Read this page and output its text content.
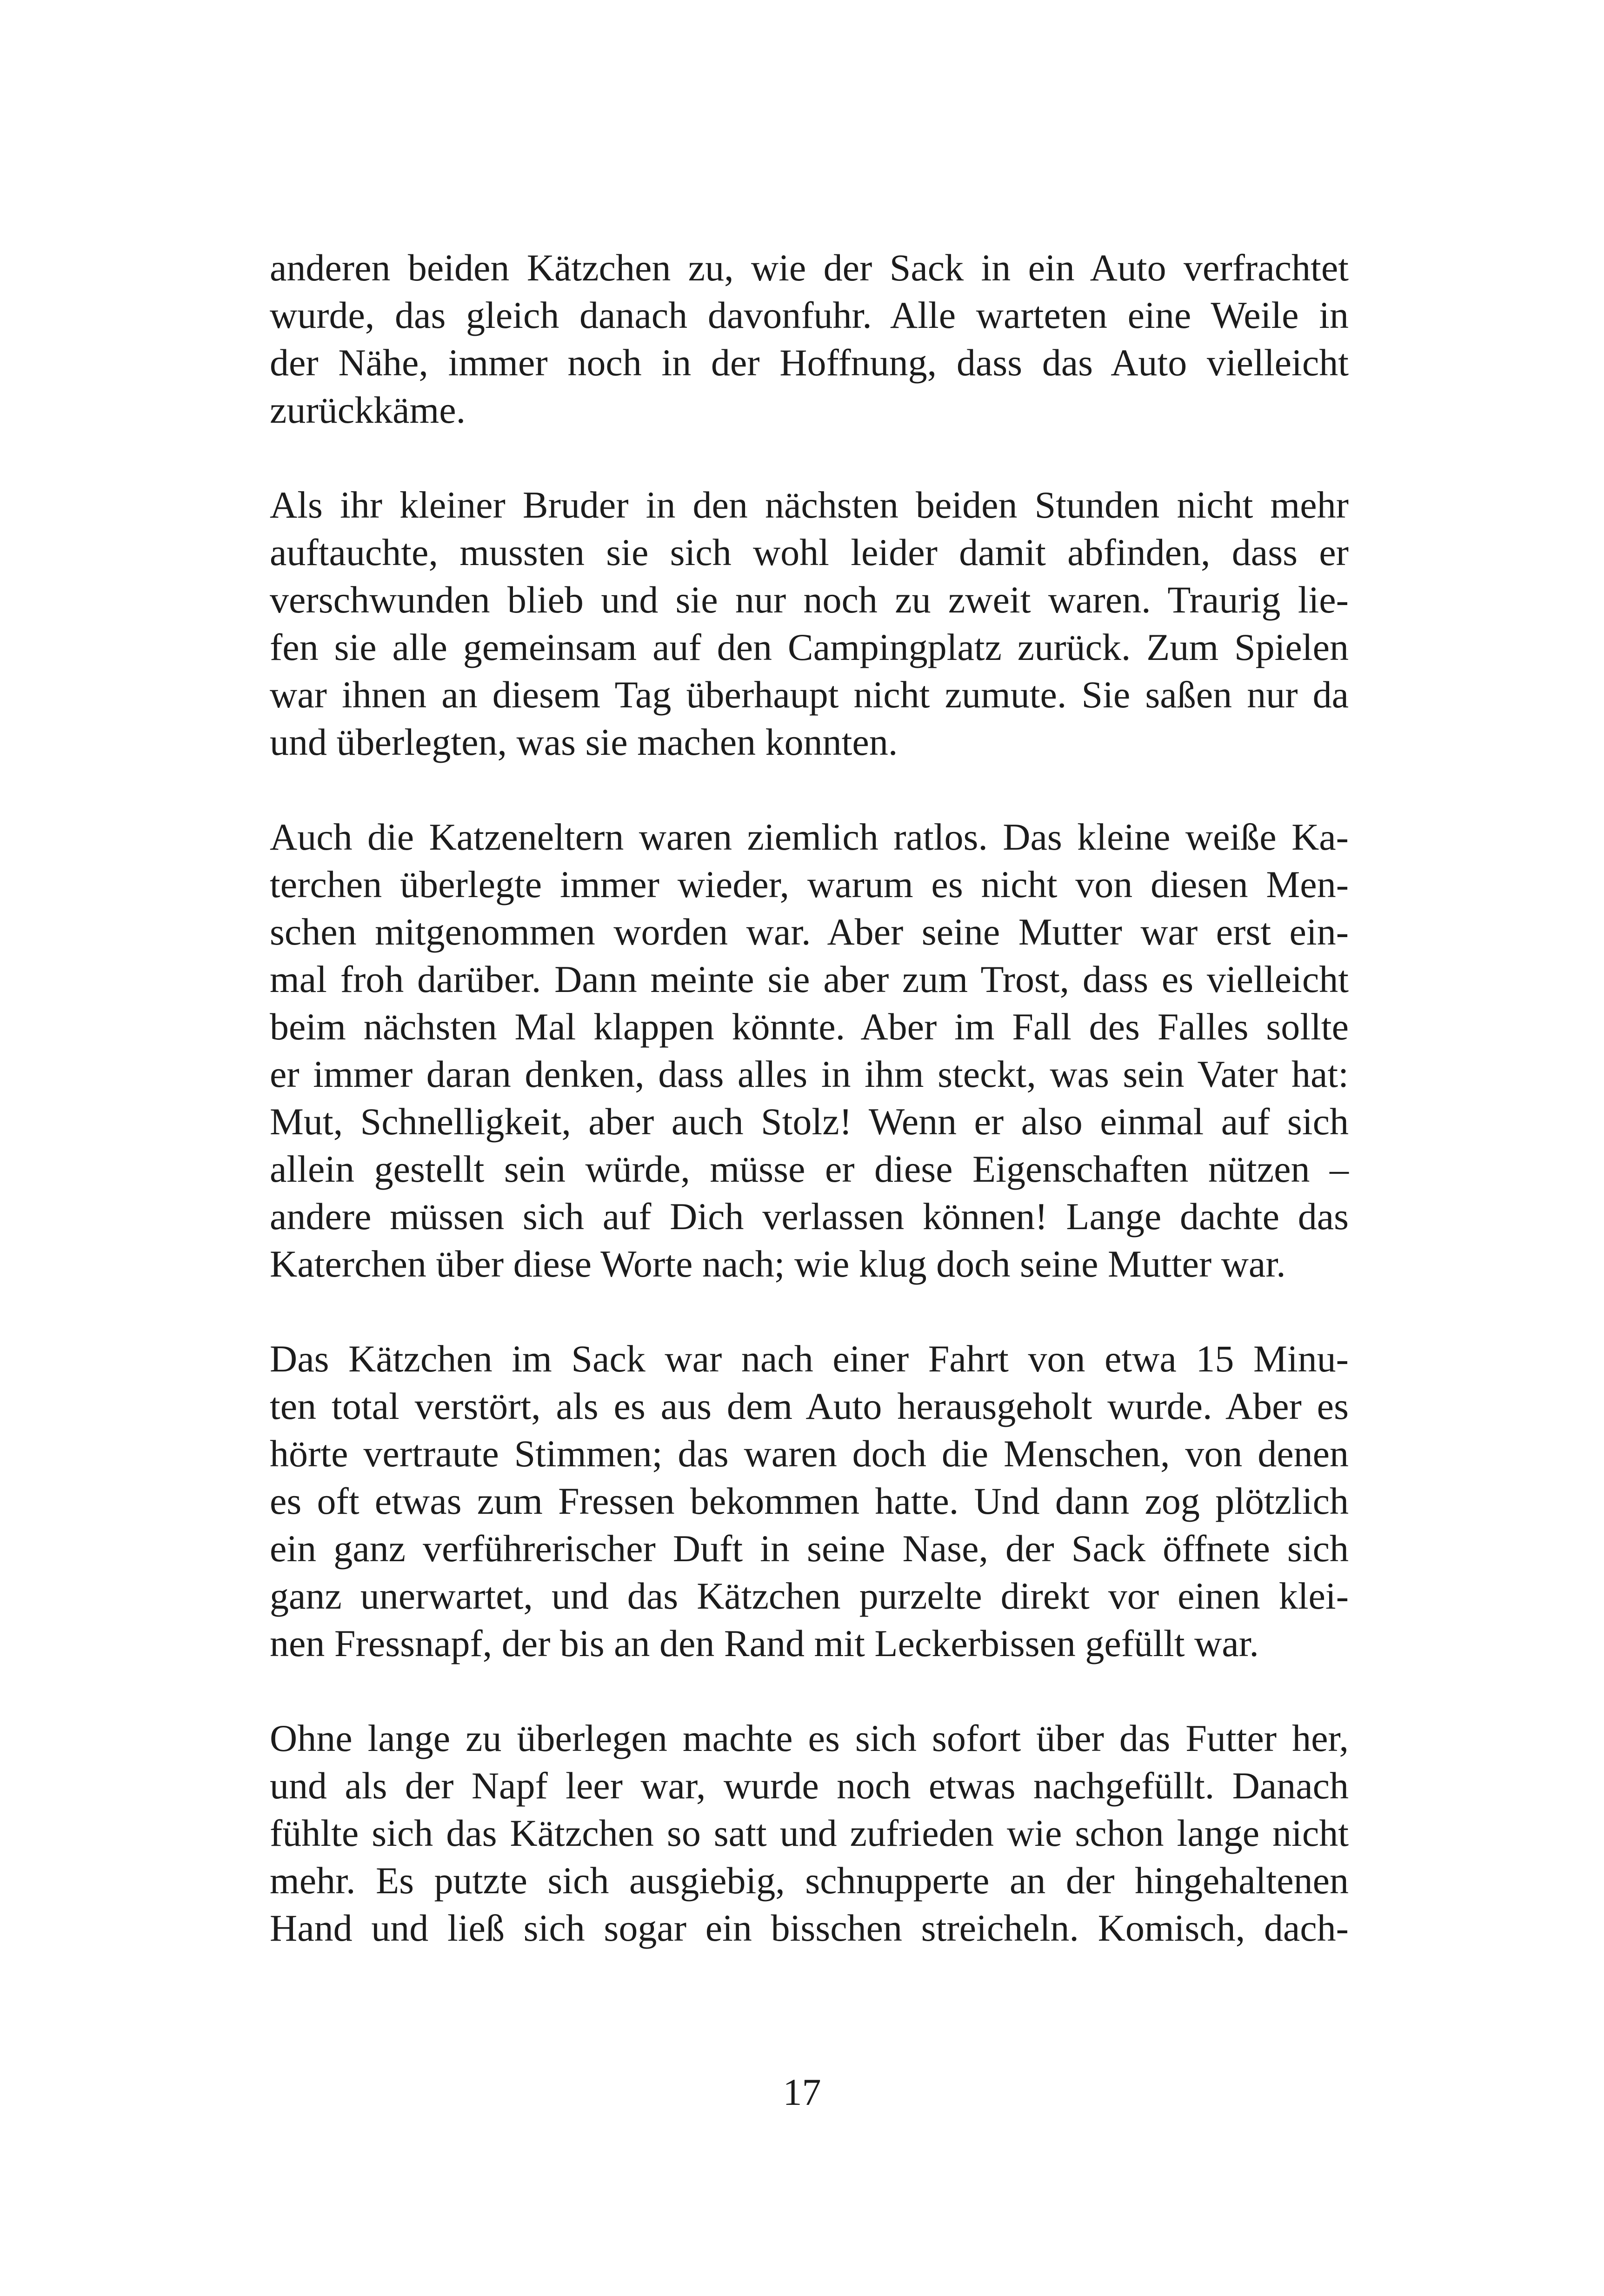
anderen beiden Kätzchen zu, wie der Sack in ein Auto verfrachtet
wurde, das gleich danach davonfuhr. Alle warteten eine Weile in
der Nähe, immer noch in der Hoffnung, dass das Auto vielleicht
zurückkäme.
Als ihr kleiner Bruder in den nächsten beiden Stunden nicht mehr
auftauchte, mussten sie sich wohl leider damit abfinden, dass er
verschwunden blieb und sie nur noch zu zweit waren. Traurig lie-
fen sie alle gemeinsam auf den Campingplatz zurück. Zum Spielen
war ihnen an diesem Tag überhaupt nicht zumute. Sie saßen nur da
und überlegten, was sie machen konnten.
Auch die Katzeneltern waren ziemlich ratlos. Das kleine weiße Ka-
terchen überlegte immer wieder, warum es nicht von diesen Men-
schen mitgenommen worden war. Aber seine Mutter war erst ein-
mal froh darüber. Dann meinte sie aber zum Trost, dass es vielleicht
beim nächsten Mal klappen könnte. Aber im Fall des Falles sollte
er immer daran denken, dass alles in ihm steckt, was sein Vater hat:
Mut, Schnelligkeit, aber auch Stolz! Wenn er also einmal auf sich
allein gestellt sein würde, müsse er diese Eigenschaften nützen –
andere müssen sich auf Dich verlassen können! Lange dachte das
Katerchen über diese Worte nach; wie klug doch seine Mutter war.
Das Kätzchen im Sack war nach einer Fahrt von etwa 15 Minu-
ten total verstört, als es aus dem Auto herausgeholt wurde. Aber es
hörte vertraute Stimmen; das waren doch die Menschen, von denen
es oft etwas zum Fressen bekommen hatte. Und dann zog plötzlich
ein ganz verführerischer Duft in seine Nase, der Sack öffnete sich
ganz unerwartet, und das Kätzchen purzelte direkt vor einen klei-
nen Fressnapf, der bis an den Rand mit Leckerbissen gefüllt war.
Ohne lange zu überlegen machte es sich sofort über das Futter her,
und als der Napf leer war, wurde noch etwas nachgefüllt. Danach
fühlte sich das Kätzchen so satt und zufrieden wie schon lange nicht
mehr. Es putzte sich ausgiebig, schnupperte an der hingehaltenen
Hand und ließ sich sogar ein bisschen streicheln. Komisch, dach-
17
